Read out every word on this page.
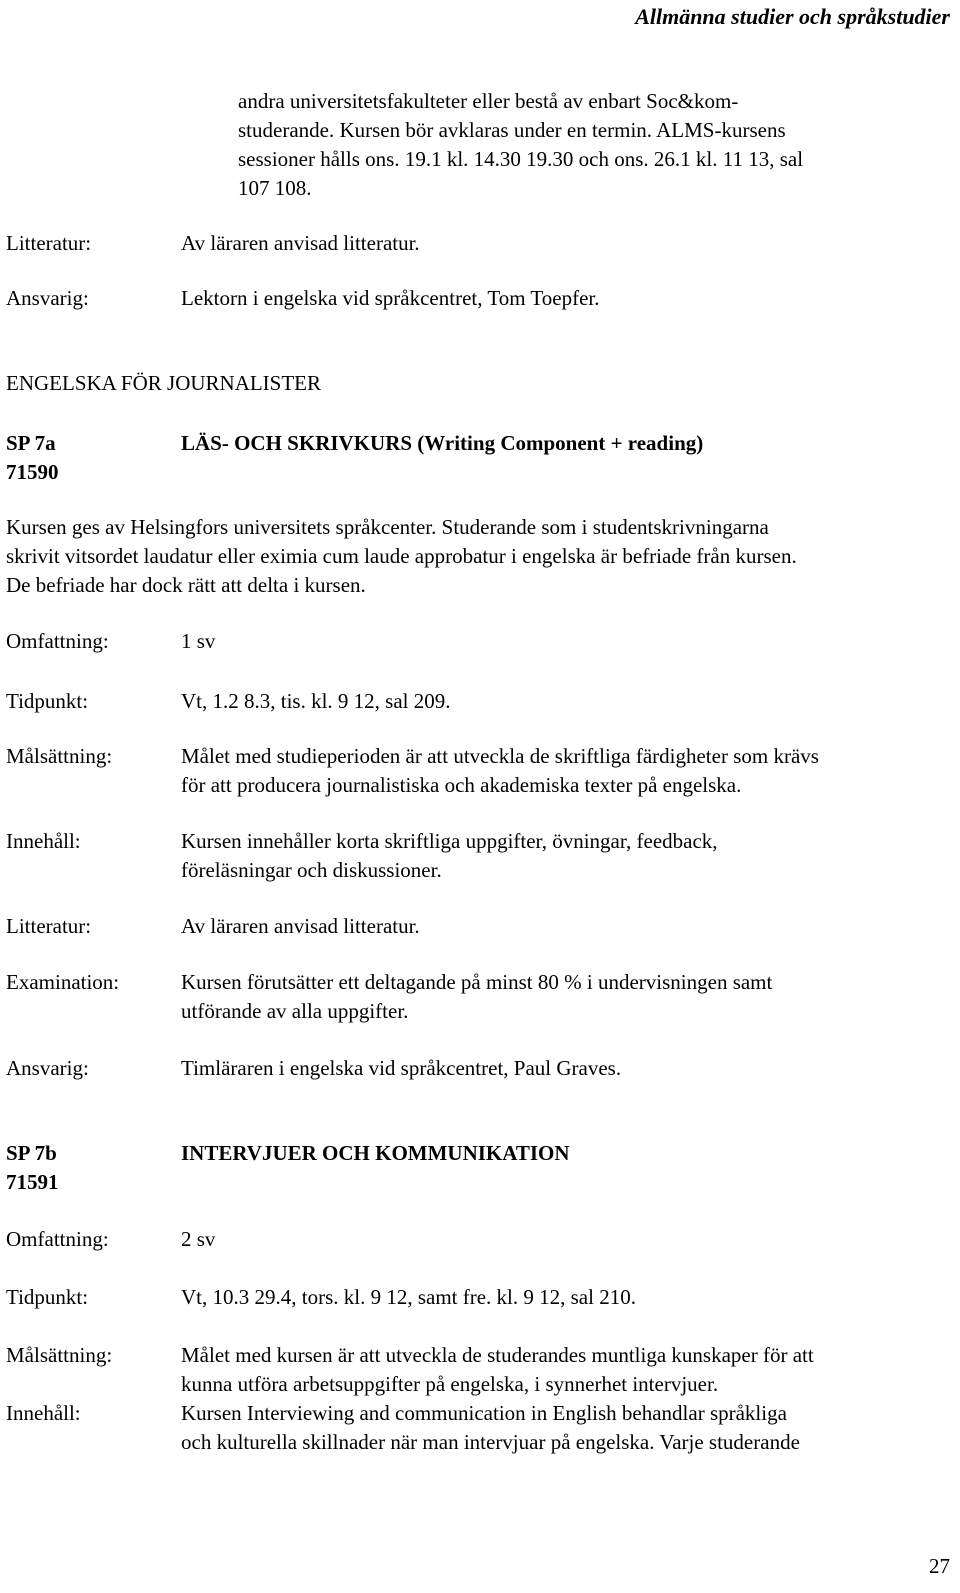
Allmänna studier och språkstudier
andra universitetsfakulteter eller bestå av enbart Soc&kom-
studerande. Kursen bör avklaras under en termin. ALMS-kursens
sessioner hålls ons. 19.1 kl. 14.30 19.30 och ons. 26.1 kl. 11 13, sal
107 108.
Litteratur:	Av läraren anvisad litteratur.
Ansvarig:	Lektorn i engelska vid språkcentret, Tom Toepfer.
ENGELSKA FÖR JOURNALISTER
SP 7a
71590
LÄS- OCH SKRIVKURS (Writing Component + reading)
Kursen ges av Helsingfors universitets språkcenter. Studerande som i studentskrivningarna
skrivit vitsordet laudatur eller eximia cum laude approbatur i engelska är befriade från kursen.
De befriade har dock rätt att delta i kursen.
Omfattning:	1 sv
Tidpunkt:	Vt, 1.2 8.3, tis. kl. 9 12, sal 209.
Målsättning:	Målet med studieperioden är att utveckla de skriftliga färdigheter som krävs
för att producera journalistiska och akademiska texter på engelska.
Innehåll:	Kursen innehåller korta skriftliga uppgifter, övningar, feedback,
föreläsningar och diskussioner.
Litteratur:	Av läraren anvisad litteratur.
Examination:	Kursen förutsätter ett deltagande på minst 80 % i undervisningen samt
utförande av alla uppgifter.
Ansvarig:	Timläraren i engelska vid språkcentret, Paul Graves.
SP 7b
71591
INTERVJUER OCH KOMMUNIKATION
Omfattning:	2 sv
Tidpunkt:	Vt, 10.3 29.4, tors. kl. 9 12, samt fre. kl. 9 12, sal 210.
Målsättning:	Målet med kursen är att utveckla de studerandes muntliga kunskaper för att
kunna utföra arbetsuppgifter på engelska, i synnerhet intervjuer.
Innehåll:	Kursen Interviewing and communication in English behandlar språkliga
och kulturella skillnader när man intervjuar på engelska. Varje studerande
27
